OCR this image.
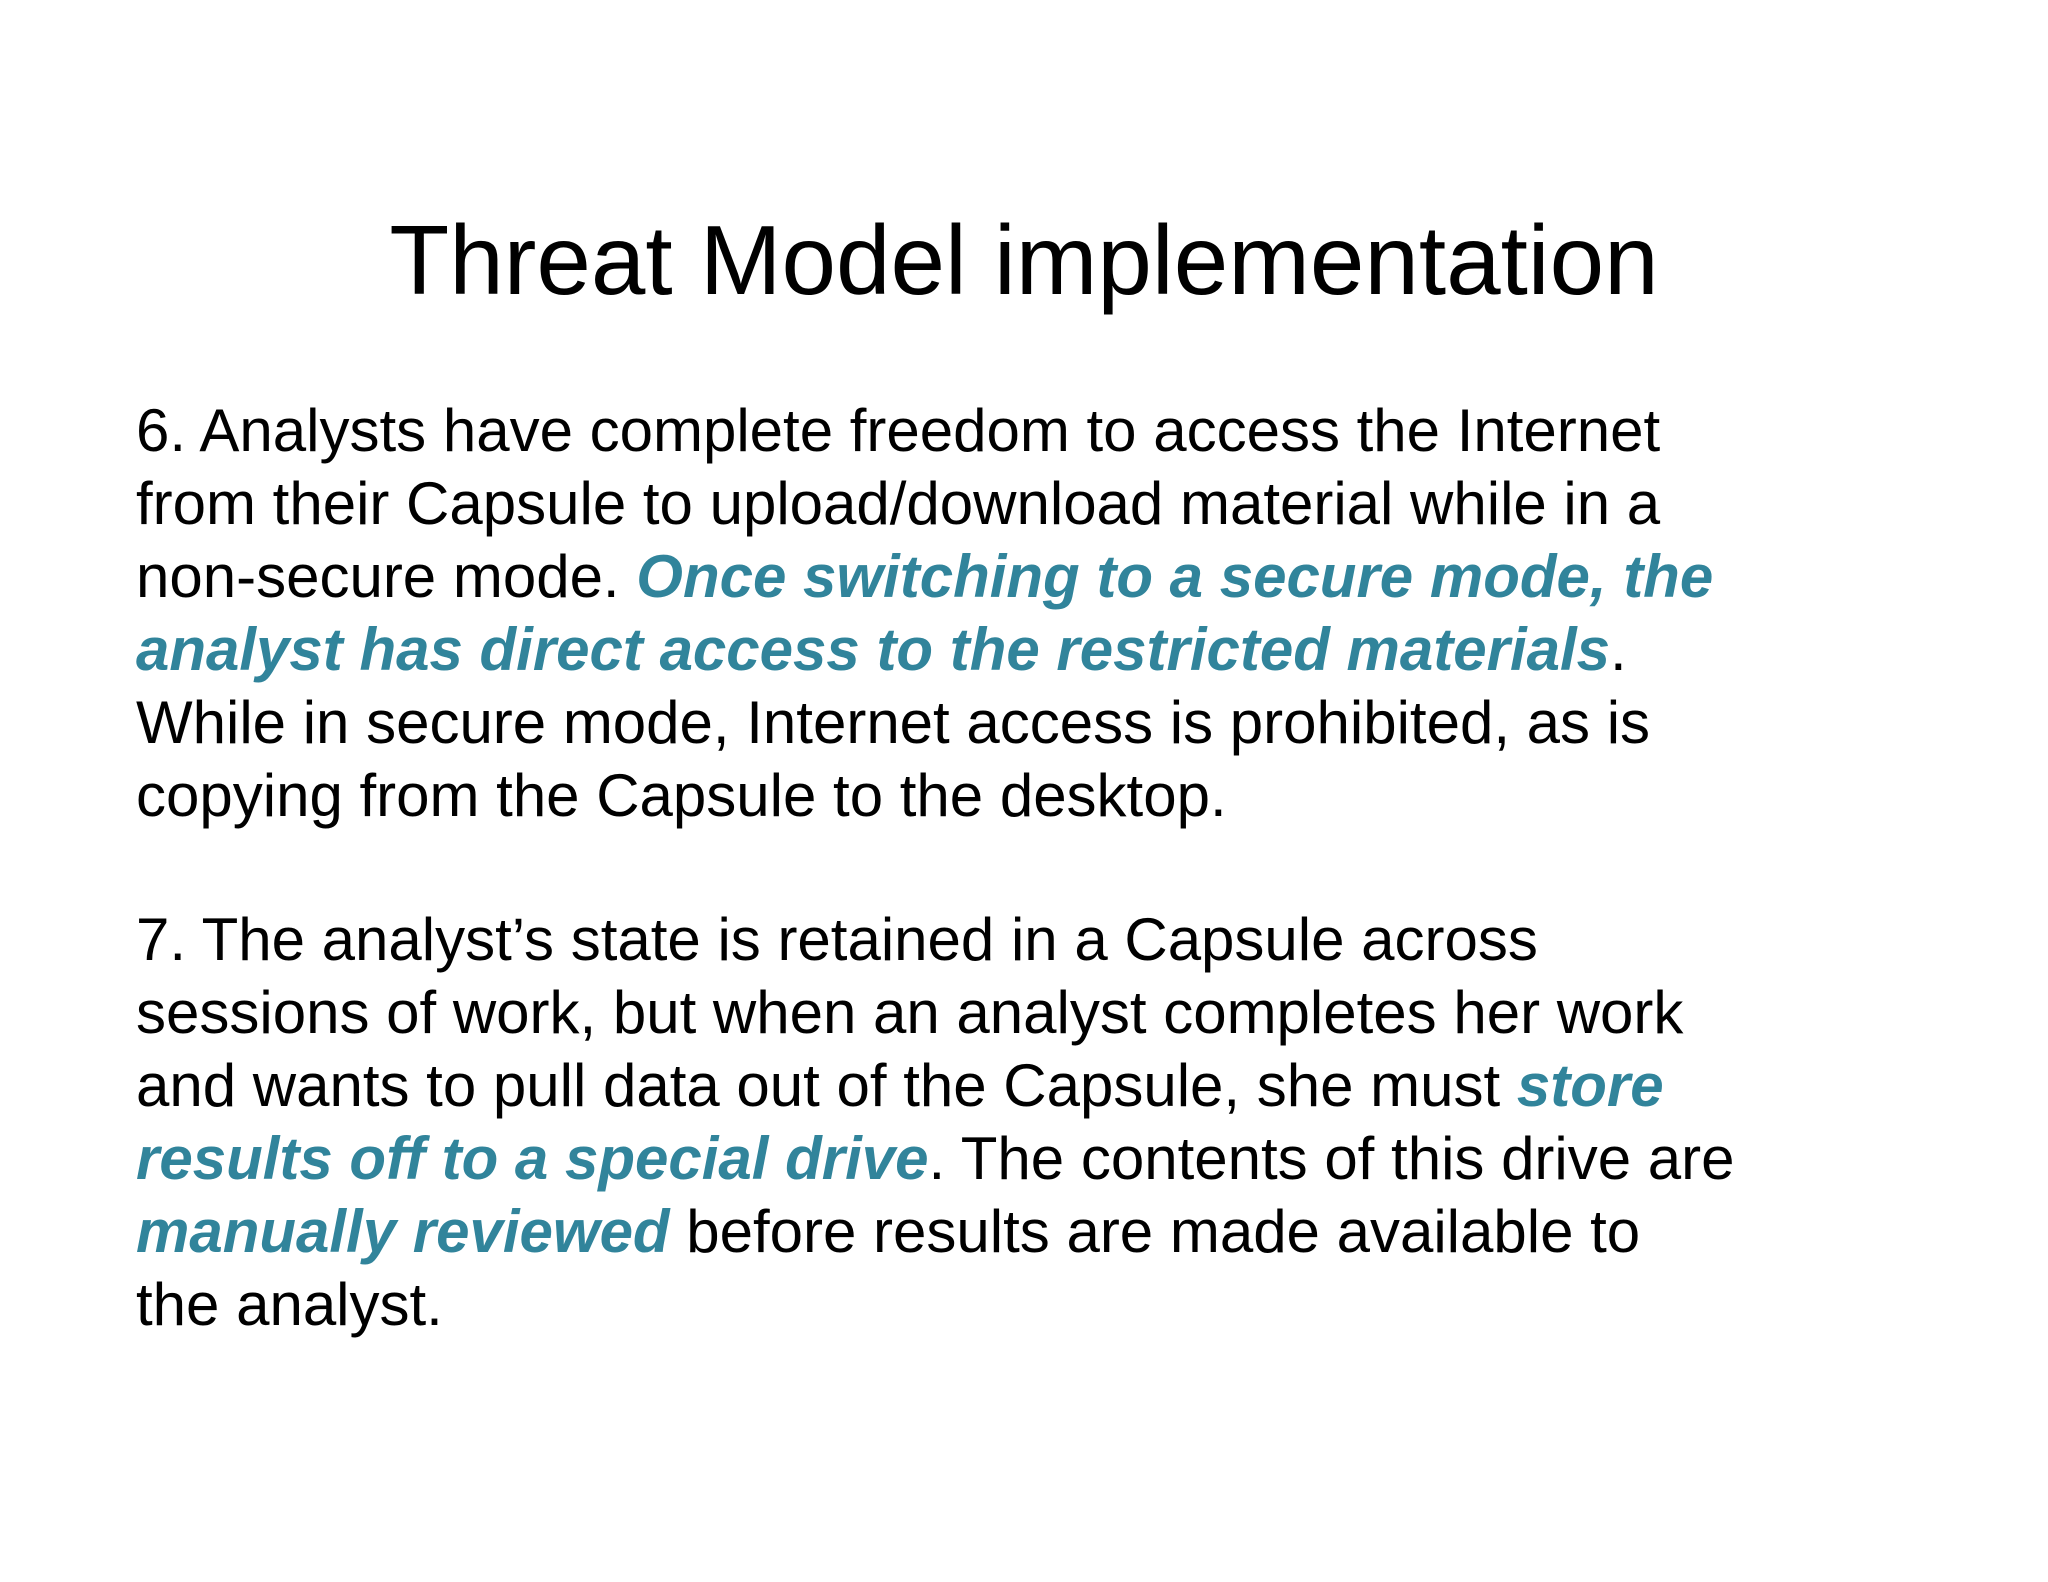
Threat Model implementation

6. Analysts have complete freedom to access the Internet
from their Capsule to upload/download material while in a
non-secure mode. Once switching to a secure mode, the
analyst has direct access to the restricted materials.
While in secure mode, Internet access is prohibited, as is
copying from the Capsule to the desktop.

7. The analyst’s state is retained in a Capsule across
sessions of work, but when an analyst completes her work
and wants to pull data out of the Capsule, she must store
results off to a special drive. The contents of this drive are
manually reviewed before results are made available to
the analyst.
